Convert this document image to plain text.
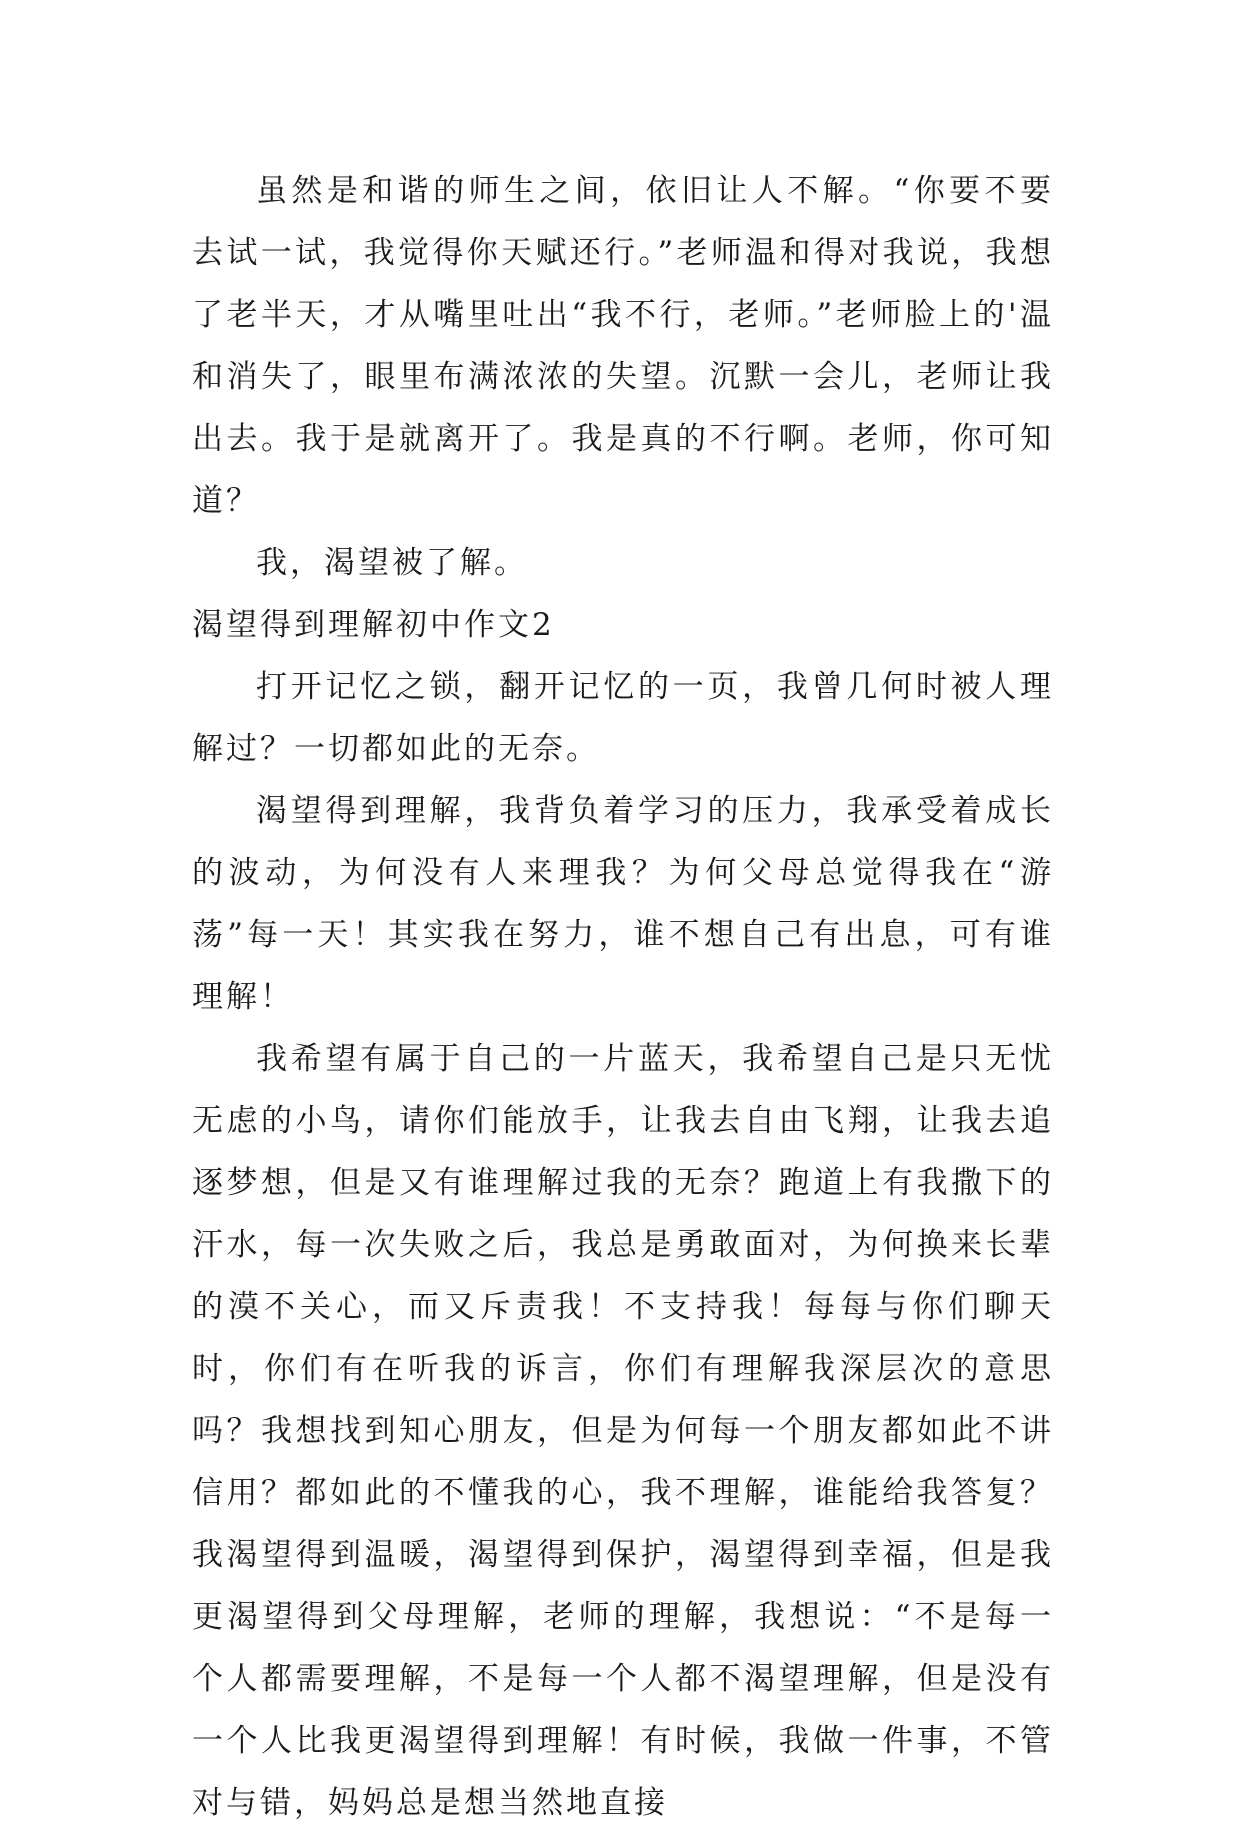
虽然是和谐的师生之间，依旧让人不解。“你要不要去试一试，我觉得你天赋还行。”老师温和得对我说，我想了老半天，才从嘴里吐出“我不行，老师。”老师脸上的'温和消失了，眼里布满浓浓的失望。沉默一会儿，老师让我出去。我于是就离开了。我是真的不行啊。老师，你可知道？

我，渴望被了解。

渴望得到理解初中作文2

打开记忆之锁，翻开记忆的一页，我曾几何时被人理解过？一切都如此的无奈。

渴望得到理解，我背负着学习的压力，我承受着成长的波动，为何没有人来理我？为何父母总觉得我在“游荡”每一天！其实我在努力，谁不想自己有出息，可有谁理解！

我希望有属于自己的一片蓝天，我希望自己是只无忧无虑的小鸟，请你们能放手，让我去自由飞翔，让我去追逐梦想，但是又有谁理解过我的无奈？跑道上有我撒下的汗水，每一次失败之后，我总是勇敢面对，为何换来长辈的漠不关心，而又斥责我！不支持我！每每与你们聊天时，你们有在听我的诉言，你们有理解我深层次的意思吗？我想找到知心朋友，但是为何每一个朋友都如此不讲信用？都如此的不懂我的心，我不理解，谁能给我答复？我渴望得到温暖，渴望得到保护，渴望得到幸福，但是我更渴望得到父母理解，老师的理解，我想说：“不是每一个人都需要理解，不是每一个人都不渴望理解，但是没有一个人比我更渴望得到理解！有时候，我做一件事，不管对与错，妈妈总是想当然地直接
